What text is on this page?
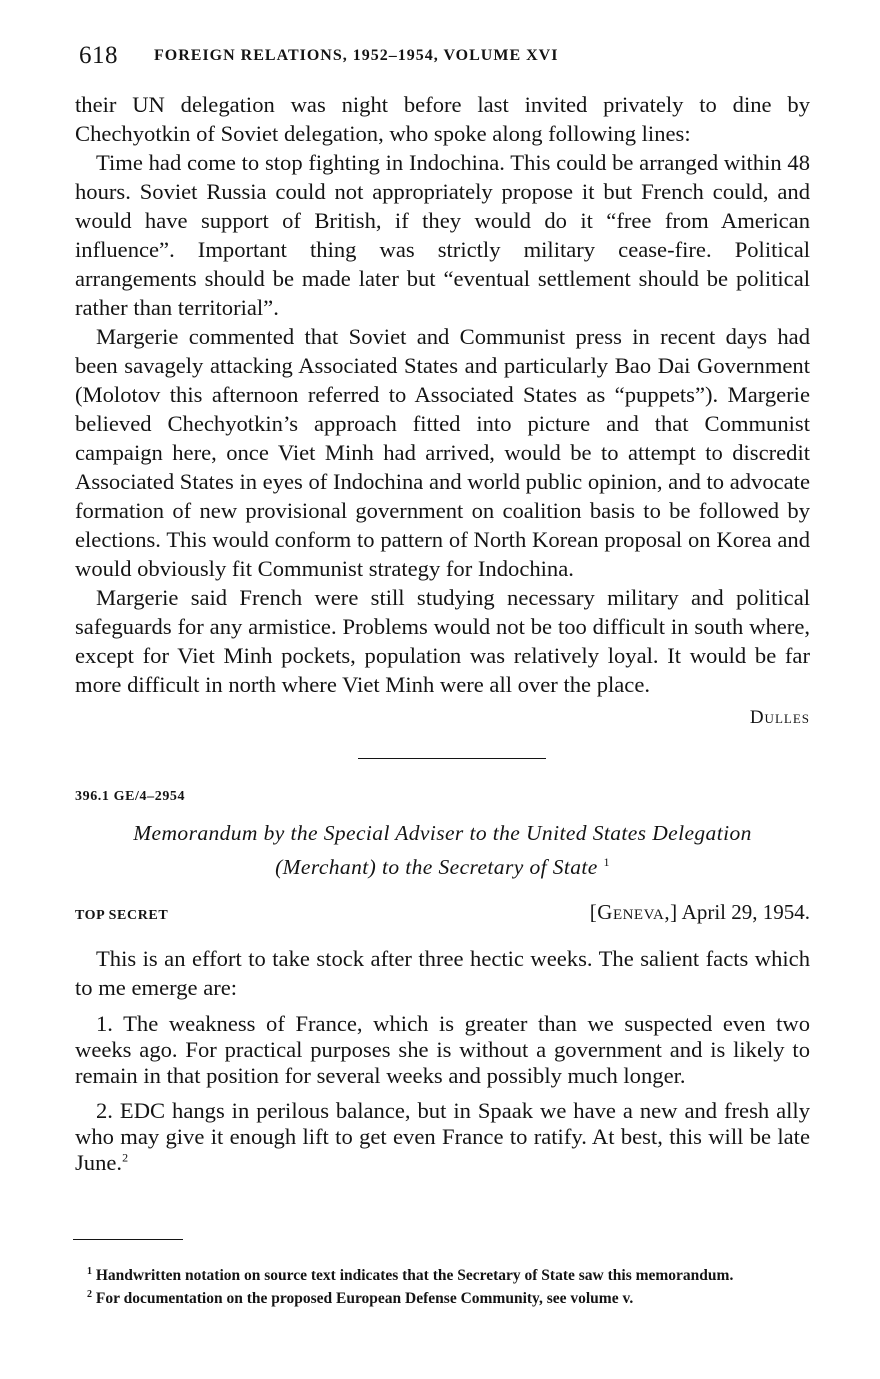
618 FOREIGN RELATIONS, 1952–1954, VOLUME XVI

their UN delegation was night before last invited privately to dine by Chechyotkin of Soviet delegation, who spoke along following lines:

Time had come to stop fighting in Indochina. This could be arranged within 48 hours. Soviet Russia could not appropriately propose it but French could, and would have support of British, if they would do it “free from American influence”. Important thing was strictly military cease-fire. Political arrangements should be made later but “eventual settlement should be political rather than territorial”.

Margerie commented that Soviet and Communist press in recent days had been savagely attacking Associated States and particularly Bao Dai Government (Molotov this afternoon referred to Associated States as “puppets”). Margerie believed Chechyotkin’s approach fitted into picture and that Communist campaign here, once Viet Minh had arrived, would be to attempt to discredit Associated States in eyes of Indochina and world public opinion, and to advocate formation of new provisional government on coalition basis to be followed by elections. This would conform to pattern of North Korean proposal on Korea and would obviously fit Communist strategy for Indochina.

Margerie said French were still studying necessary military and political safeguards for any armistice. Problems would not be too difficult in south where, except for Viet Minh pockets, population was relatively loyal. It would be far more difficult in north where Viet Minh were all over the place.

Dulles
396.1 GE/4–2954
Memorandum by the Special Adviser to the United States Delegation
(Merchant) to the Secretary of State $^1$
TOP SECRET	[Geneva,] April 29, 1954.

This is an effort to take stock after three hectic weeks. The salient facts which to me emerge are:

1. The weakness of France, which is greater than we suspected even two weeks ago. For practical purposes she is without a government and is likely to remain in that position for several weeks and possibly much longer.

2. EDC hangs in perilous balance, but in Spaak we have a new and fresh ally who may give it enough lift to get even France to ratify. At best, this will be late June.$^2$

$^1$ Handwritten notation on source text indicates that the Secretary of State saw this memorandum.

$^2$ For documentation on the proposed European Defense Community, see volume v.
